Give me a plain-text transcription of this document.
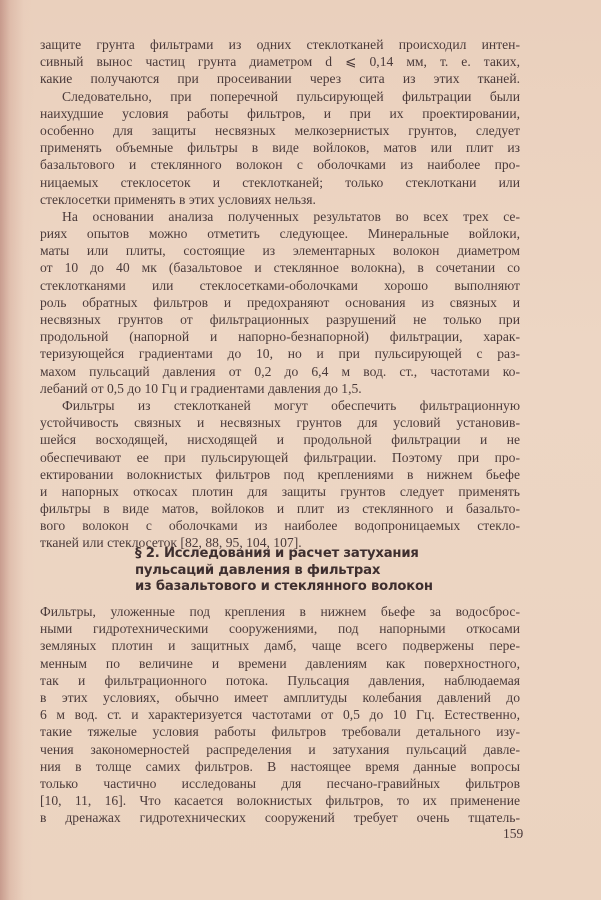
защите грунта фильтрами из одних стеклотканей происходил интен-
сивный вынос частиц грунта диаметром d ⩽ 0,14 мм, т. е. таких,
какие получаются при просеивании через сита из этих тканей.
Следовательно, при поперечной пульсирующей фильтрации были
наихудшие условия работы фильтров, и при их проектировании,
особенно для защиты несвязных мелкозернистых грунтов, следует
применять объемные фильтры в виде войлоков, матов или плит из
базальтового и стеклянного волокон с оболочками из наиболее про-
ницаемых стеклосеток и стеклотканей; только стеклоткани или
стеклосетки применять в этих условиях нельзя.
На основании анализа полученных результатов во всех трех се-
риях опытов можно отметить следующее. Минеральные войлоки,
маты или плиты, состоящие из элементарных волокон диаметром
от 10 до 40 мк (базальтовое и стеклянное волокна), в сочетании со
стеклотканями или стеклосетками-оболочками хорошо выполняют
роль обратных фильтров и предохраняют основания из связных и
несвязных грунтов от фильтрационных разрушений не только при
продольной (напорной и напорно-безнапорной) фильтрации, харак-
теризующейся градиентами до 10, но и при пульсирующей с раз-
махом пульсаций давления от 0,2 до 6,4 м вод. ст., частотами ко-
лебаний от 0,5 до 10 Гц и градиентами давления до 1,5.
Фильтры из стеклотканей могут обеспечить фильтрационную
устойчивость связных и несвязных грунтов для условий установив-
шейся восходящей, нисходящей и продольной фильтрации и не
обеспечивают ее при пульсирующей фильтрации. Поэтому при про-
ектировании волокнистых фильтров под креплениями в нижнем бьефе
и напорных откосах плотин для защиты грунтов следует применять
фильтры в виде матов, войлоков и плит из стеклянного и базальто-
вого волокон с оболочками из наиболее водопроницаемых стекло-
тканей или стеклосеток [82, 88, 95, 104, 107].
§ 2. Исследования и расчет затухания
пульсаций давления в фильтрах
из базальтового и стеклянного волокон
Фильтры, уложенные под крепления в нижнем бьефе за водосброс-
ными гидротехническими сооружениями, под напорными откосами
земляных плотин и защитных дамб, чаще всего подвержены пере-
менным по величине и времени давлениям как поверхностного,
так и фильтрационного потока. Пульсация давления, наблюдаемая
в этих условиях, обычно имеет амплитуды колебания давлений до
6 м вод. ст. и характеризуется частотами от 0,5 до 10 Гц. Естественно,
такие тяжелые условия работы фильтров требовали детального изу-
чения закономерностей распределения и затухания пульсаций давле-
ния в толще самих фильтров. В настоящее время данные вопросы
только частично исследованы для песчано-гравийных фильтров
[10, 11, 16]. Что касается волокнистых фильтров, то их применение
в дренажах гидротехнических сооружений требует очень тщатель-
159
